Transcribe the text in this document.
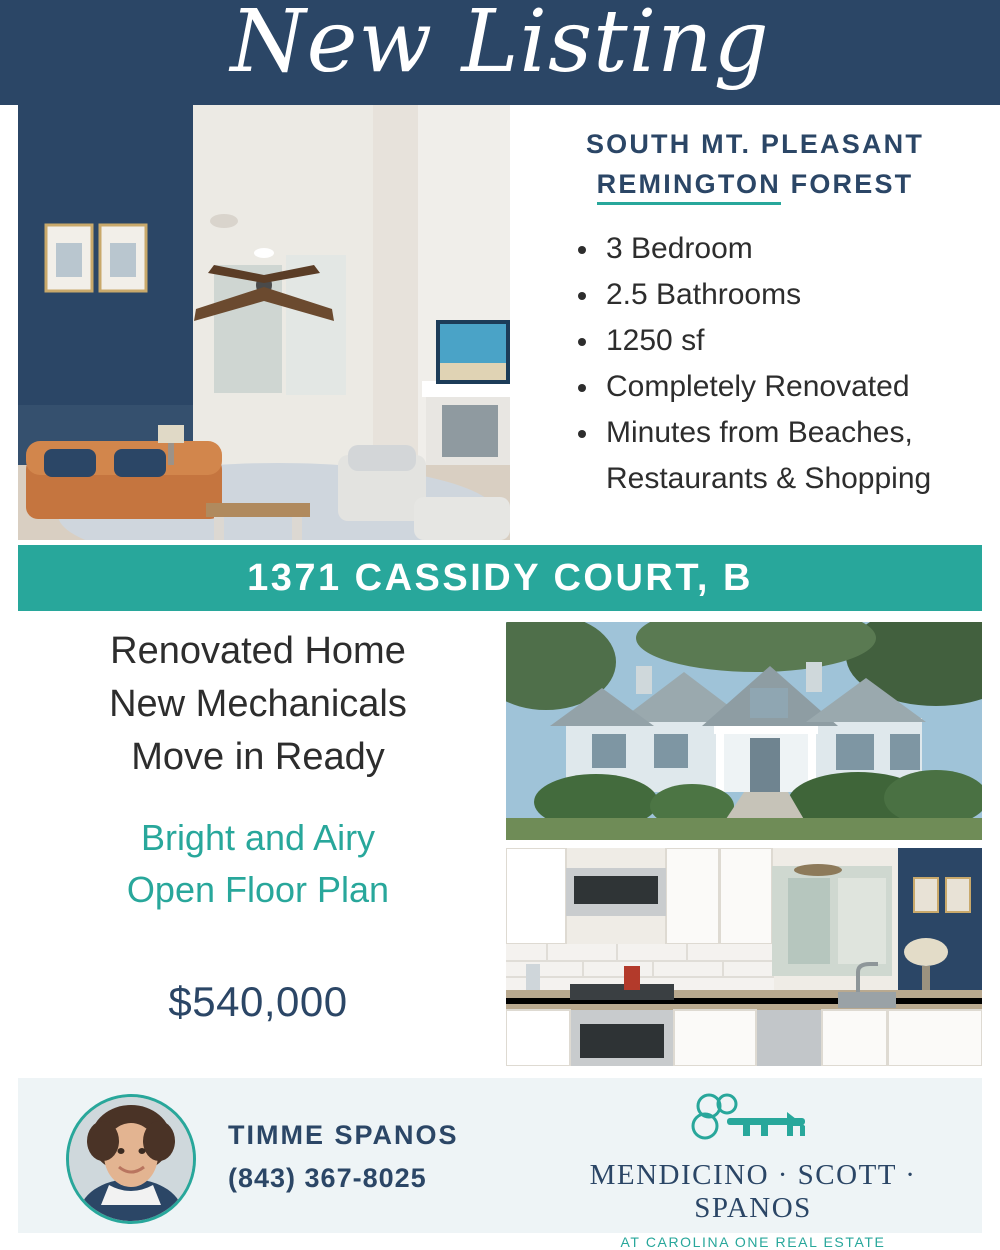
New Listing
SOUTH MT. PLEASANT
REMINGTON FOREST
3 Bedroom
2.5 Bathrooms
1250 sf
Completely Renovated
Minutes from Beaches, Restaurants & Shopping
1371 CASSIDY COURT, B
Renovated Home
New Mechanicals
Move in Ready
Bright and Airy
Open Floor Plan
$540,000
TIMME SPANOS
(843) 367-8025	MENDICINO · SCOTT · SPANOS
AT CAROLINA ONE REAL ESTATE
